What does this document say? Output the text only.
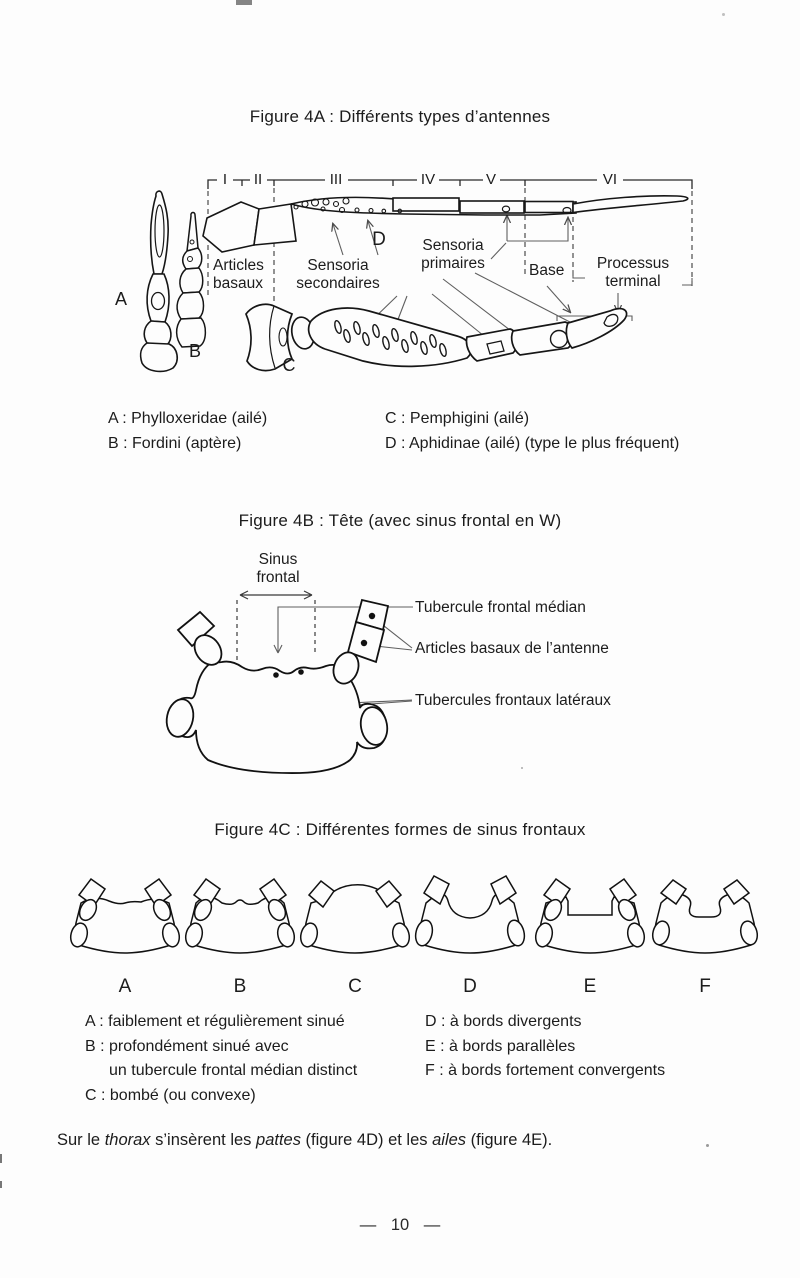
Figure 4A : Différents types d’antennes
I II	III	IV	V	VI
A
B
D
C
Articles
basaux
Sensoria
secondaires
Sensoria
primaires	Base	Processus
terminal
A : Phylloxeridae (ailé)
B : Fordini (aptère)
C : Pemphigini (ailé)
D : Aphidinae (ailé) (type le plus fréquent)
Figure 4B : Tête (avec sinus frontal en W)
Sinus
frontal
Tubercule frontal médian
Articles basaux de l’antenne
Tubercules frontaux latéraux
Figure 4C : Différentes formes de sinus frontaux
A	B	C	D	E	F
A : faiblement et régulièrement sinué
B : profondément sinué avec
un tubercule frontal médian distinct
C : bombé (ou convexe)
D : à bords divergents
E : à bords parallèles
F : à bords fortement convergents
Sur le thorax s’insèrent les pattes (figure 4D) et les ailes (figure 4E).
— 10 —
